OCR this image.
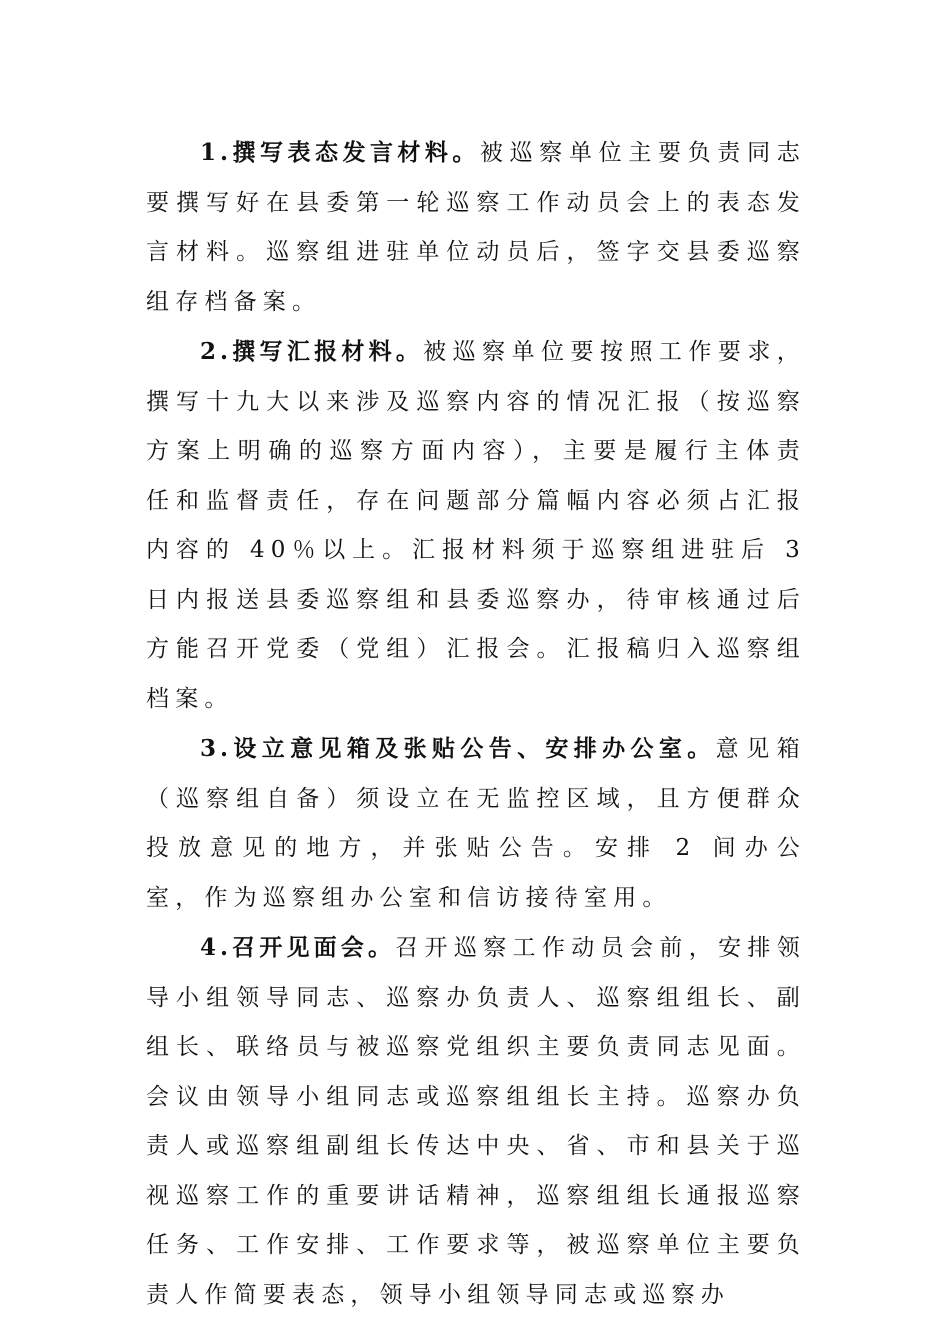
1.撰写表态发言材料。被巡察单位主要负责同志要撰写好在县委第一轮巡察工作动员会上的表态发言材料。巡察组进驻单位动员后，签字交县委巡察组存档备案。

2.撰写汇报材料。被巡察单位要按照工作要求，撰写十九大以来涉及巡察内容的情况汇报（按巡察方案上明确的巡察方面内容），主要是履行主体责任和监督责任，存在问题部分篇幅内容必须占汇报内容的 40％以上。汇报材料须于巡察组进驻后 3 日内报送县委巡察组和县委巡察办，待审核通过后方能召开党委（党组）汇报会。汇报稿归入巡察组档案。

3.设立意见箱及张贴公告、安排办公室。意见箱（巡察组自备）须设立在无监控区域，且方便群众投放意见的地方，并张贴公告。安排 2 间办公室，作为巡察组办公室和信访接待室用。

4.召开见面会。召开巡察工作动员会前，安排领导小组领导同志、巡察办负责人、巡察组组长、副组长、联络员与被巡察党组织主要负责同志见面。会议由领导小组同志或巡察组组长主持。巡察办负责人或巡察组副组长传达中央、省、市和县关于巡视巡察工作的重要讲话精神，巡察组组长通报巡察任务、工作安排、工作要求等，被巡察单位主要负责人作简要表态，领导小组领导同志或巡察办
